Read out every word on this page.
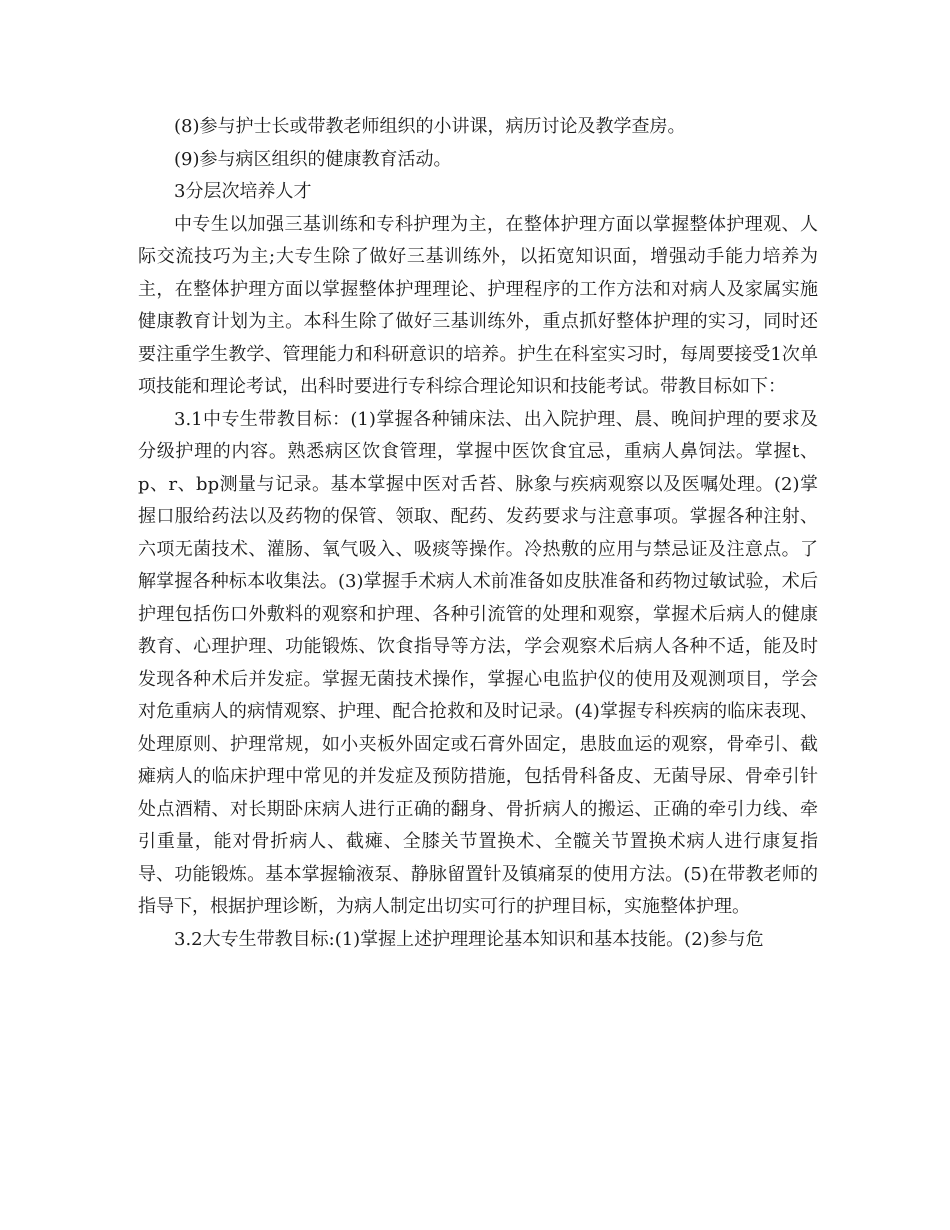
(8)参与护士长或带教老师组织的小讲课，病历讨论及教学查房。

(9)参与病区组织的健康教育活动。

3分层次培养人才

中专生以加强三基训练和专科护理为主，在整体护理方面以掌握整体护理观、人际交流技巧为主;大专生除了做好三基训练外，以拓宽知识面，增强动手能力培养为主，在整体护理方面以掌握整体护理理论、护理程序的工作方法和对病人及家属实施健康教育计划为主。本科生除了做好三基训练外，重点抓好整体护理的实习，同时还要注重学生教学、管理能力和科研意识的培养。护生在科室实习时，每周要接受1次单项技能和理论考试，出科时要进行专科综合理论知识和技能考试。带教目标如下：

3.1中专生带教目标：(1)掌握各种铺床法、出入院护理、晨、晚间护理的要求及分级护理的内容。熟悉病区饮食管理，掌握中医饮食宜忌，重病人鼻饲法。掌握t、p、r、bp测量与记录。基本掌握中医对舌苔、脉象与疾病观察以及医嘱处理。(2)掌握口服给药法以及药物的保管、领取、配药、发药要求与注意事项。掌握各种注射、六项无菌技术、灌肠、氧气吸入、吸痰等操作。冷热敷的应用与禁忌证及注意点。了解掌握各种标本收集法。(3)掌握手术病人术前准备如皮肤准备和药物过敏试验，术后护理包括伤口外敷料的观察和护理、各种引流管的处理和观察，掌握术后病人的健康教育、心理护理、功能锻炼、饮食指导等方法，学会观察术后病人各种不适，能及时发现各种术后并发症。掌握无菌技术操作，掌握心电监护仪的使用及观测项目，学会对危重病人的病情观察、护理、配合抢救和及时记录。(4)掌握专科疾病的临床表现、处理原则、护理常规，如小夹板外固定或石膏外固定，患肢血运的观察，骨牵引、截瘫病人的临床护理中常见的并发症及预防措施，包括骨科备皮、无菌导尿、骨牵引针处点酒精、对长期卧床病人进行正确的翻身、骨折病人的搬运、正确的牵引力线、牵引重量，能对骨折病人、截瘫、全膝关节置换术、全髋关节置换术病人进行康复指导、功能锻炼。基本掌握输液泵、静脉留置针及镇痛泵的使用方法。(5)在带教老师的指导下，根据护理诊断，为病人制定出切实可行的护理目标，实施整体护理。

3.2大专生带教目标:(1)掌握上述护理理论基本知识和基本技能。(2)参与危
